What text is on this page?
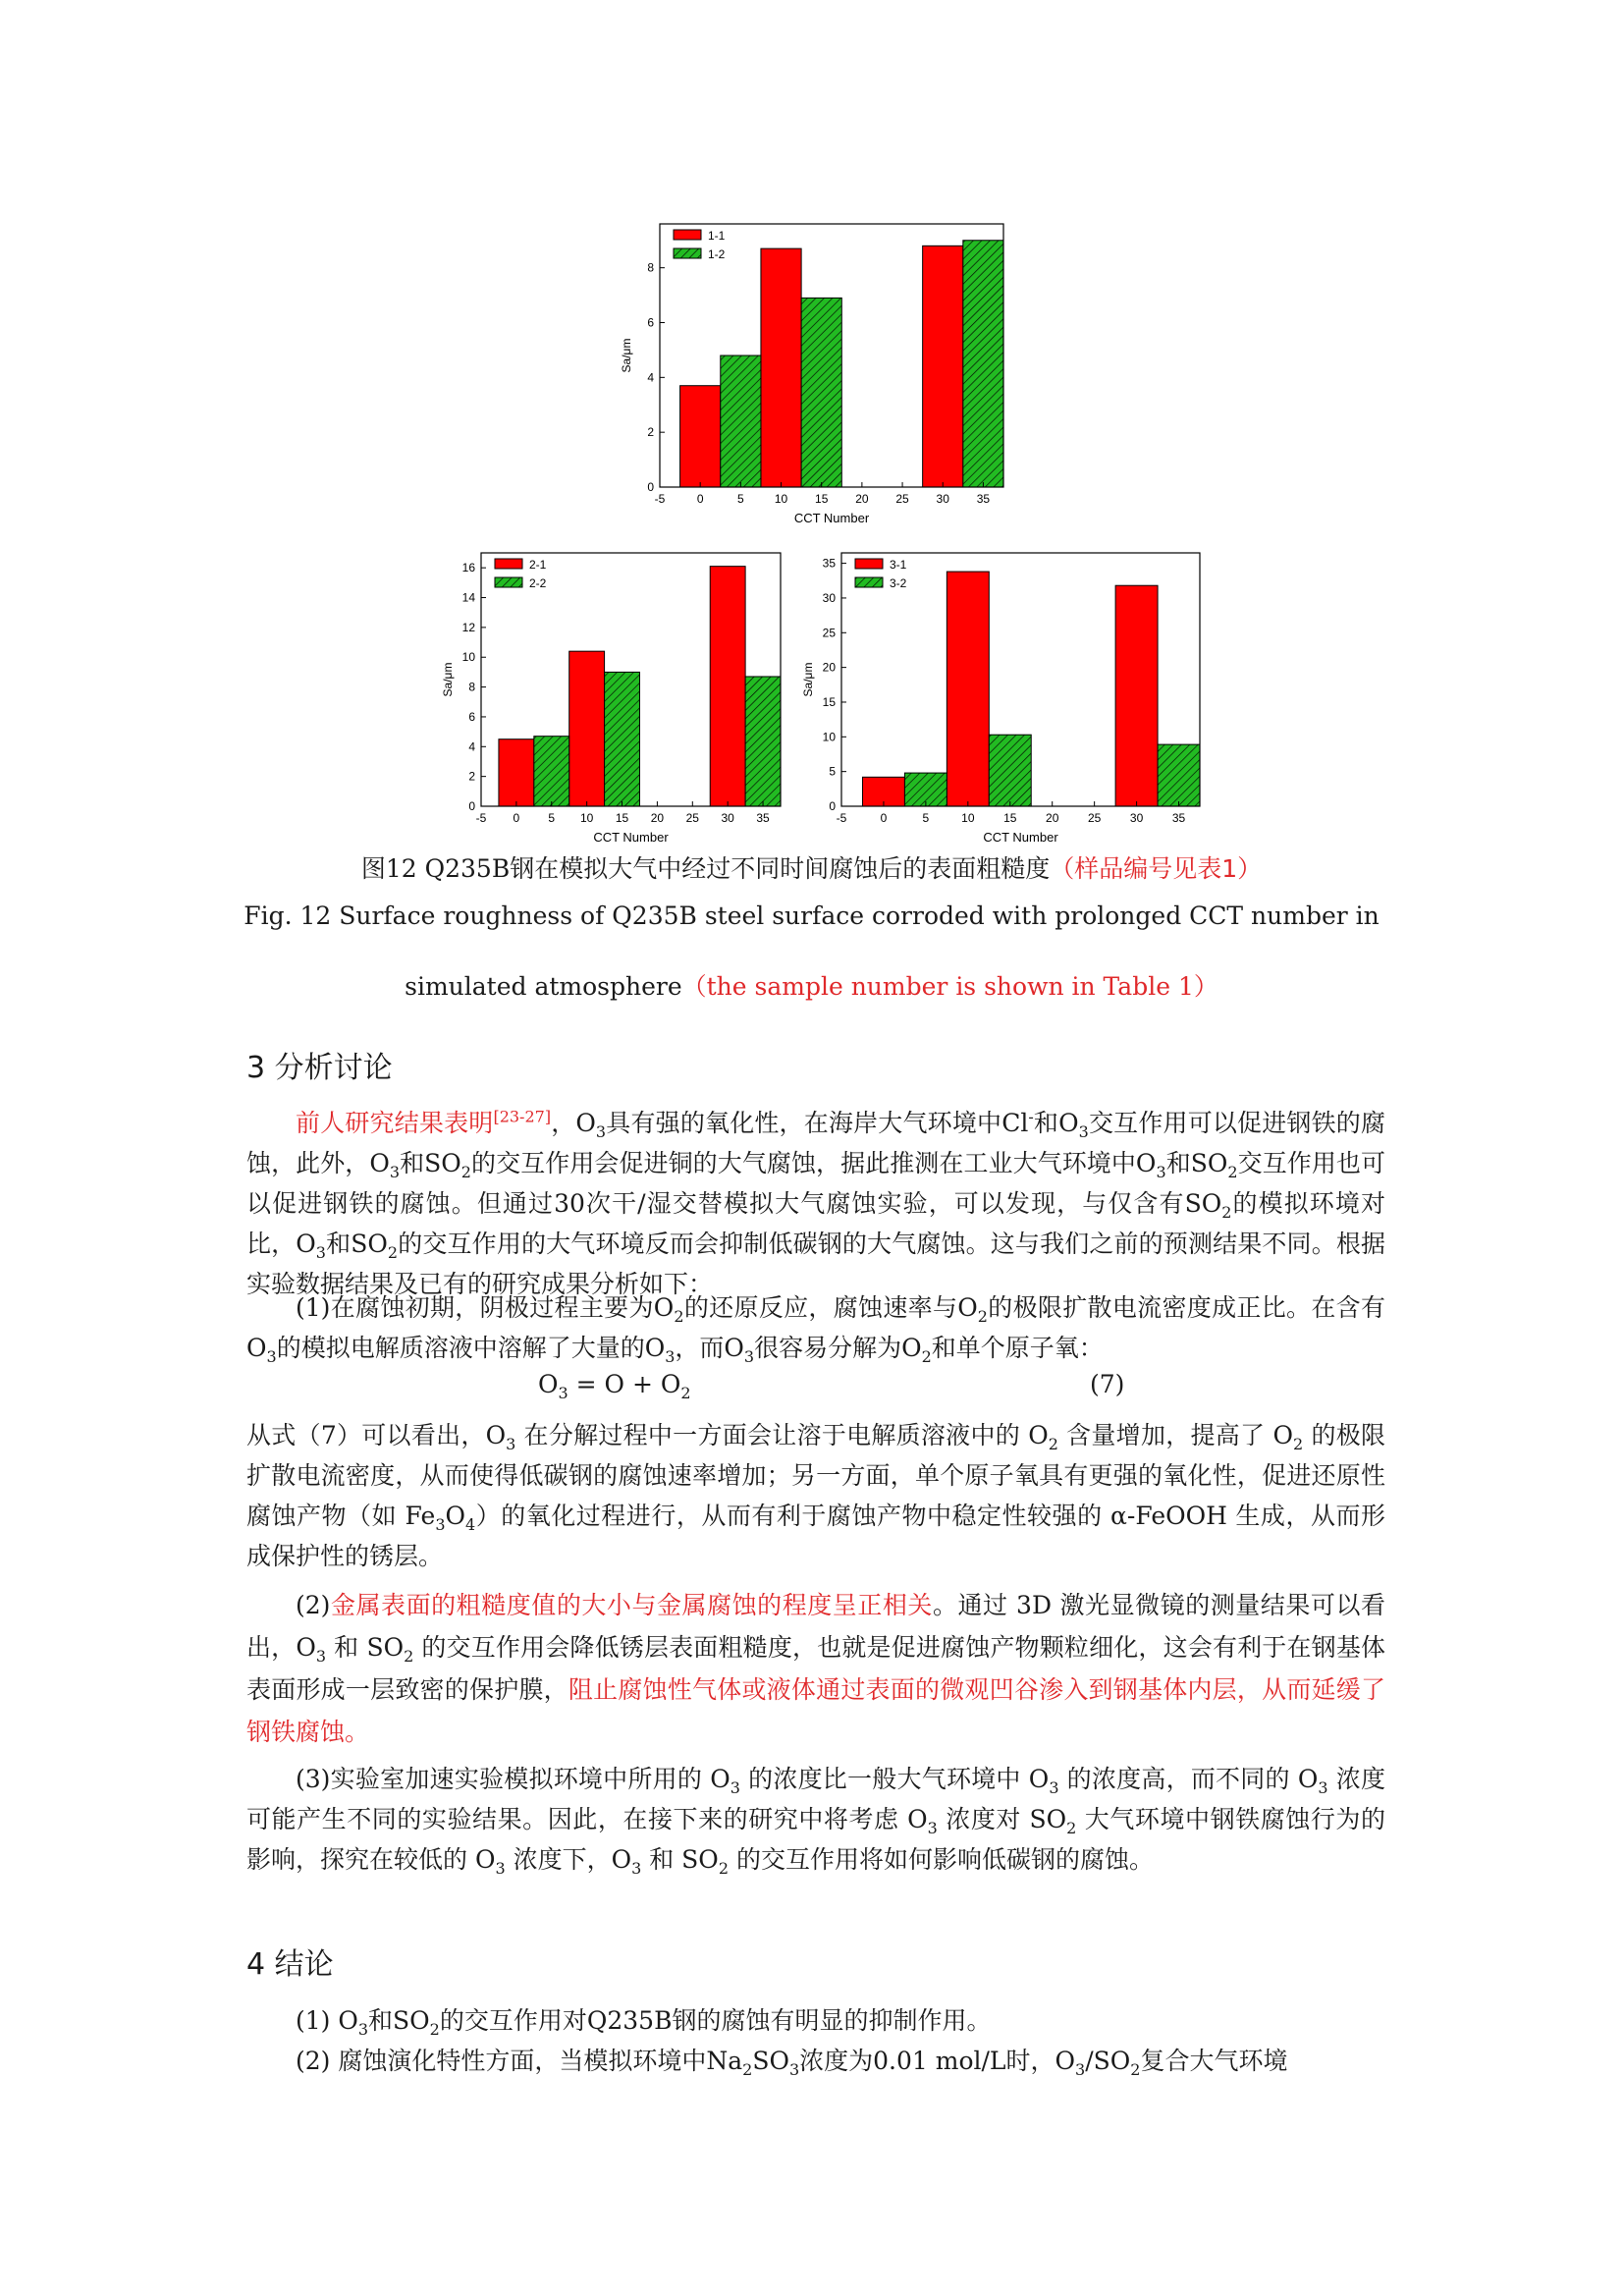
-5	0	5	10 15 20 25 30 35
0
2
4
6
8
CCT Number
Sa/μm
1-1
1-2
-5 0 5 10 15 20 25 30 35
0
2
4
6
8
10
12
14
16
CCT Number
Sa/μm
2-1
2-2
-5	0	5	10 15 20 25 30 35
0
5
10
15
20
25
30
35
CCT Number
Sa/μm
3-1
3-2
图12 Q235B钢在模拟大气中经过不同时间腐蚀后的表面粗糙度（样品编号见表1）
Fig. 12 Surface roughness of Q235B steel surface corroded with prolonged CCT number in
simulated atmosphere（the sample number is shown in Table 1）
3 分析讨论
前人研究结果表明[23-27]，$O_3$具有强的氧化性，在海岸大气环境中Cl-和$O_3$交互作用可以促进钢铁的腐蚀，此外，$O_3$和$SO_2$的交互作用会促进铜的大气腐蚀，据此推测在工业大气环境中$O_3$和$SO_2$交互作用也可以促进钢铁的腐蚀。但通过30次干/湿交替模拟大气腐蚀实验，可以发现，与仅含有$SO_2$的模拟环境对比，$O_3$和$SO_2$的交互作用的大气环境反而会抑制低碳钢的大气腐蚀。这与我们之前的预测结果不同。根据实验数据结果及已有的研究成果分析如下：
(1)在腐蚀初期，阴极过程主要为$O_2$的还原反应，腐蚀速率与$O_2$的极限扩散电流密度成正比。在含有$O_3$的模拟电解质溶液中溶解了大量的$O_3$，而$O_3$很容易分解为$O_2$和单个原子氧：
$O_3 = O + O_2$	(7)
从式（7）可以看出，$O_3$ 在分解过程中一方面会让溶于电解质溶液中的 $O_2$ 含量增加，提高了 $O_2$ 的极限扩散电流密度，从而使得低碳钢的腐蚀速率增加；另一方面，单个原子氧具有更强的氧化性，促进还原性腐蚀产物（如 $Fe_3O_4$）的氧化过程进行，从而有利于腐蚀产物中稳定性较强的 α-FeOOH 生成，从而形成保护性的锈层。
(2)金属表面的粗糙度值的大小与金属腐蚀的程度呈正相关。通过 3D 激光显微镜的测量结果可以看出，$O_3$ 和 $SO_2$ 的交互作用会降低锈层表面粗糙度，也就是促进腐蚀产物颗粒细化，这会有利于在钢基体表面形成一层致密的保护膜，阻止腐蚀性气体或液体通过表面的微观凹谷渗入到钢基体内层，从而延缓了钢铁腐蚀。
(3)实验室加速实验模拟环境中所用的 $O_3$ 的浓度比一般大气环境中 $O_3$ 的浓度高，而不同的 $O_3$ 浓度可能产生不同的实验结果。因此，在接下来的研究中将考虑 $O_3$ 浓度对 $SO_2$ 大气环境中钢铁腐蚀行为的影响，探究在较低的 $O_3$ 浓度下，$O_3$ 和 $SO_2$ 的交互作用将如何影响低碳钢的腐蚀。
4 结论
(1) $O_3$和$SO_2$的交互作用对Q235B钢的腐蚀有明显的抑制作用。
(2) 腐蚀演化特性方面，当模拟环境中$Na_2SO_3$浓度为0.01 mol/L时，$O_3/SO_2$复合大气环境
